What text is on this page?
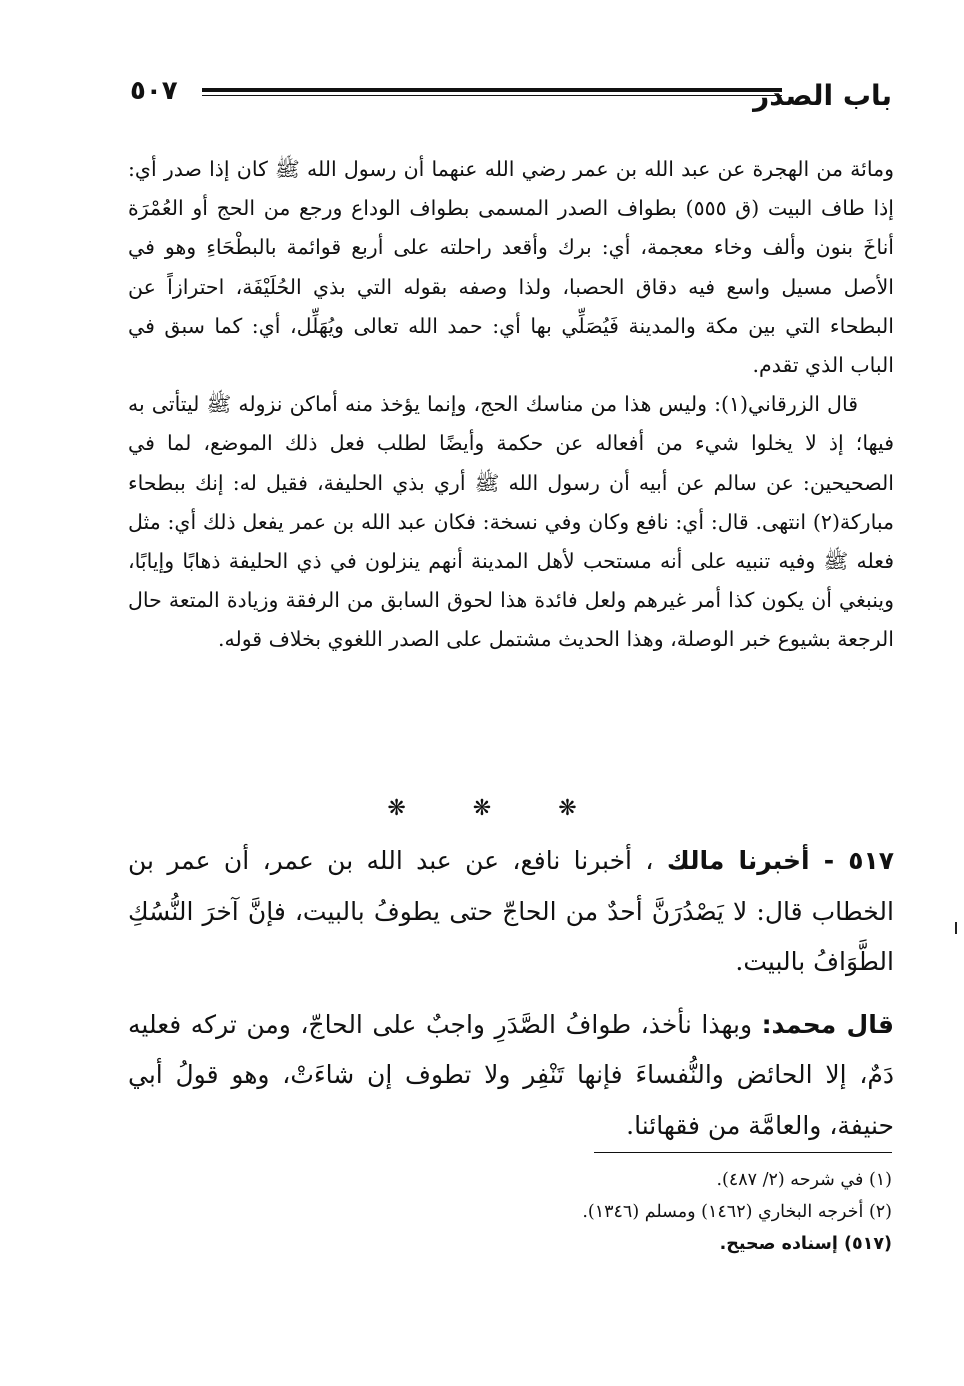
باب الصدر
٥٠٧

ومائة من الهجرة عن عبد الله بن عمر رضي الله عنهما أن رسول الله ﷺ كان إذا صدر أي: إذا طاف البيت (ق ٥٥٥) بطواف الصدر المسمى بطواف الوداع ورجع من الحج أو العُمْرَة أناخَ بنون وألف وخاء معجمة، أي: برك وأقعد راحلته على أربع قوائمة بالبطْحَاءِ وهو في الأصل مسيل واسع فيه دقاق الحصبا، ولذا وصفه بقوله التي بذي الحُلَيْفَة، احترازاً عن البطحاء التي بين مكة والمدينة فَيُصَلِّي بها أي: حمد الله تعالى ويُهَلِّل، أي: كما سبق في الباب الذي تقدم.

قال الزرقاني(١): وليس هذا من مناسك الحج، وإنما يؤخذ منه أماكن نزوله ﷺ ليتأتى به فيها؛ إذ لا يخلوا شيء من أفعاله عن حكمة وأيضًا لطلب فعل ذلك الموضع، لما في الصحيحين: عن سالم عن أبيه أن رسول الله ﷺ أري بذي الحليفة، فقيل له: إنك ببطحاء مباركة(٢) انتهى. قال: أي: نافع وكان وفي نسخة: فكان عبد الله بن عمر يفعل ذلك أي: مثل فعله ﷺ وفيه تنبيه على أنه مستحب لأهل المدينة أنهم ينزلون في ذي الحليفة ذهابًا وإيابًا، وينبغي أن يكون كذا أمر غيرهم ولعل فائدة هذا لحوق السابق من الرفقة وزيادة المتعة حال الرجعة بشيوع خبر الوصلة، وهذا الحديث مشتمل على الصدر اللغوي بخلاف قوله.

❋ ❋ ❋

٥١٧ - أخبرنا مالك ، أخبرنا نافع، عن عبد الله بن عمر، أن عمر بن الخطاب قال: لا يَصْدُرَنَّ أحدٌ من الحاجّ حتى يطوفُ بالبيت، فإنَّ آخرَ النُّسُكِ الطَّوَافُ بالبيت.

قال محمد: وبهذا نأخذ، طوافُ الصَّدَرِ واجبٌ على الحاجّ، ومن تركه فعليه دَمٌ، إلا الحائض والنُّفساءَ فإنها تَنْفِر ولا تطوف إن شاءَتْ، وهو قولُ أبي حنيفة، والعامَّة من فقهائنا.

(١) في شرحه (٢/ ٤٨٧).
(٢) أخرجه البخاري (١٤٦٢) ومسلم (١٣٤٦).
(٥١٧) إسناده صحيح.
